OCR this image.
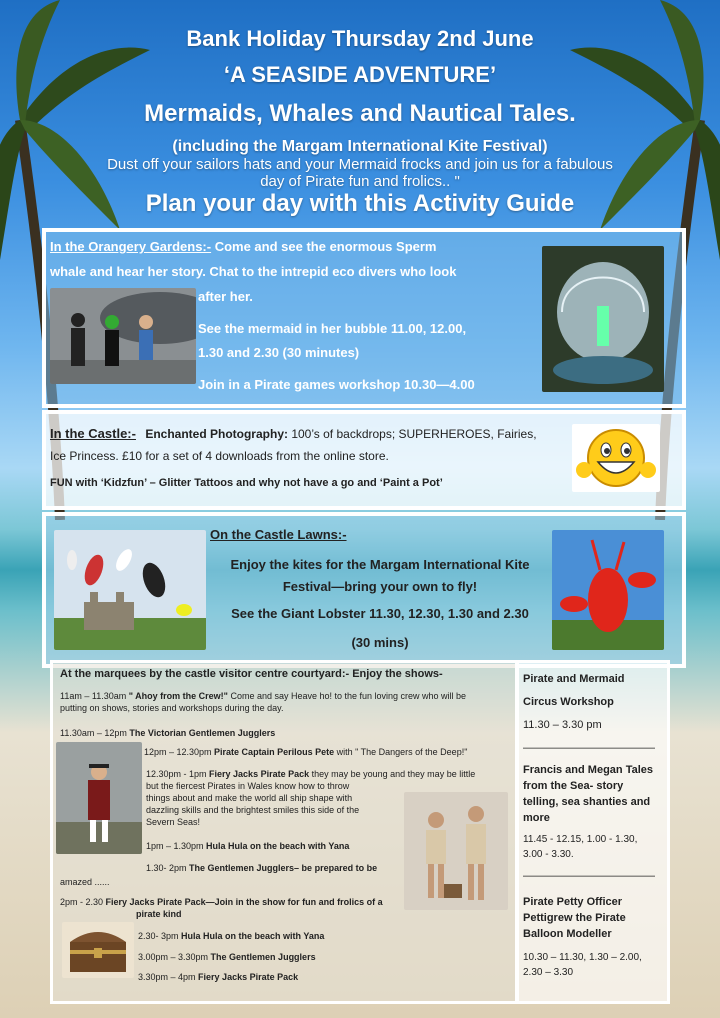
Bank Holiday Thursday 2nd June
‘A SEASIDE ADVENTURE’
Mermaids, Whales and Nautical Tales.
(including the Margam International Kite Festival)
Dust off your sailors hats and your Mermaid frocks and join us for a fabulous
day of Pirate fun and frolics.. "
Plan your day with this Activity Guide
In the Orangery Gardens:- Come and see the enormous Sperm
whale and hear her story. Chat to the intrepid eco divers who look
after her.
See the mermaid in her bubble 11.00, 12.00,
1.30 and 2.30 (30 minutes)
Join in a Pirate games workshop 10.30—4.00
In the Castle:- Enchanted Photography: 100’s of backdrops; SUPERHEROES, Fairies,
Ice Princess. £10 for a set of 4 downloads from the online store.
FUN with ‘Kidzfun’ – Glitter Tattoos and why not have a go and ‘Paint a Pot’
On the Castle Lawns:-
Enjoy the kites for the Margam International Kite
Festival—bring your own to fly!
See the Giant Lobster 11.30, 12.30, 1.30 and 2.30
(30 mins)
At the marquees by the castle visitor centre courtyard:- Enjoy the shows-
11am – 11.30am " Ahoy from the Crew!" Come and say Heave ho! to the fun loving crew who will be
putting on shows, stories and workshops during the day.
11.30am – 12pm The Victorian Gentlemen Jugglers
12pm – 12.30pm Pirate Captain Perilous Pete with " The Dangers of the Deep!"
12.30pm - 1pm Fiery Jacks Pirate Pack they may be young and they may be little
but the fiercest Pirates in Wales know how to throw
things about and make the world all ship shape with
dazzling skills and the brightest smiles this side of the
Severn Seas!
1pm – 1.30pm Hula Hula on the beach with Yana
1.30- 2pm The Gentlemen Jugglers– be prepared to be
amazed ......
2pm - 2.30 Fiery Jacks Pirate Pack—Join in the show for fun and frolics of a
pirate kind
2.30- 3pm Hula Hula on the beach with Yana
3.00pm – 3.30pm The Gentlemen Jugglers
3.30pm – 4pm Fiery Jacks Pirate Pack
Pirate and Mermaid
Circus Workshop
11.30 – 3.30 pm
————————————
Francis and Megan Tales from the Sea- story telling, sea shanties and more
11.45 - 12.15, 1.00 - 1.30, 3.00 - 3.30.
————————————
Pirate Petty Officer Pettigrew the Pirate Balloon Modeller
10.30 – 11.30, 1.30 – 2.00, 2.30 – 3.30
